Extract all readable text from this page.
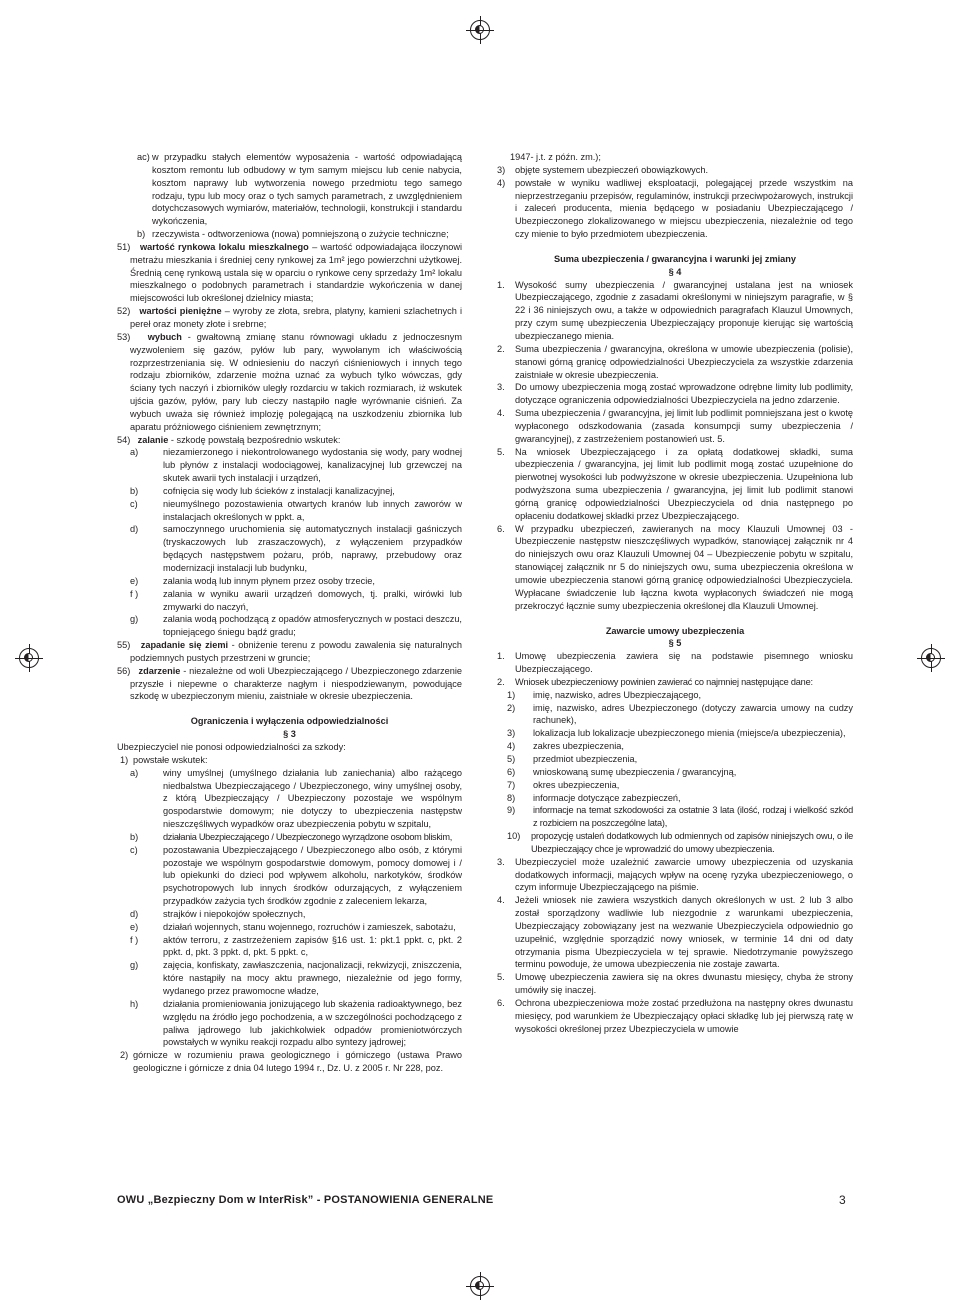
ac) w przypadku stałych elementów wyposażenia - wartość odpowiadającą kosztom remontu lub odbudowy w tym samym miejscu lub cenie nabycia, kosztom naprawy lub wytworzenia nowego przedmiotu tego samego rodzaju, typu lub mocy oraz o tych samych parametrach, z uwzględnieniem dotychczasowych wymiarów, materiałów, technologii, konstrukcji i standardu wykończenia,

b) rzeczywista - odtworzeniowa (nowa) pomniejszoną o zużycie techniczne;

51) wartość rynkowa lokalu mieszkalnego – wartość odpowiadająca iloczynowi metrażu mieszkania i średniej ceny rynkowej za 1m² jego powierzchni użytkowej. Średnią cenę rynkową ustala się w oparciu o rynkowe ceny sprzedaży 1m² lokalu mieszkalnego o podobnych parametrach i standardzie wykończenia w danej miejscowości lub określonej dzielnicy miasta;

52) wartości pieniężne – wyroby ze złota, srebra, platyny, kamieni szlachetnych i pereł oraz monety złote i srebrne;

53) wybuch - gwałtowną zmianę stanu równowagi układu z jednoczesnym wyzwoleniem się gazów, pyłów lub pary, wywołanym ich właściwością rozprzestrzeniania się. W odniesieniu do naczyń ciśnieniowych i innych tego rodzaju zbiorników, zdarzenie można uznać za wybuch tylko wówczas, gdy ściany tych naczyń i zbiorników uległy rozdarciu w takich rozmiarach, iż wskutek ujścia gazów, pyłów, pary lub cieczy nastąpiło nagłe wyrównanie ciśnień. Za wybuch uważa się również implozję polegającą na uszkodzeniu zbiornika lub aparatu próżniowego ciśnieniem zewnętrznym;

54) zalanie - szkodę powstałą bezpośrednio wskutek:

a)	niezamierzonego i niekontrolowanego wydostania się wody, pary wodnej lub płynów z instalacji wodociągowej, kanalizacyjnej lub grzewczej na skutek awarii tych instalacji i urządzeń,

b)	cofnięcia się wody lub ścieków z instalacji kanalizacyjnej,

c)	nieumyślnego pozostawienia otwartych kranów lub innych zaworów w instalacjach określonych w ppkt. a,

d)	samoczynnego uruchomienia się automatycznych instalacji gaśniczych (tryskaczowych lub zraszaczowych), z wyłączeniem przypadków będących następstwem pożaru, prób, naprawy, przebudowy oraz modernizacji instalacji lub budynku,

e)	zalania wodą lub innym płynem przez osoby trzecie,

f )	zalania w wyniku awarii urządzeń domowych, tj. pralki, wirówki lub zmywarki do naczyń,

g)	zalania wodą pochodzącą z opadów atmosferycznych w postaci deszczu, topniejącego śniegu bądź gradu;

55) zapadanie się ziemi - obniżenie terenu z powodu zawalenia się naturalnych podziemnych pustych przestrzeni w gruncie;

56) zdarzenie - niezależne od woli Ubezpieczającego / Ubezpieczonego zdarzenie przyszłe i niepewne o charakterze nagłym i niespodziewanym, powodujące szkodę w ubezpieczonym mieniu, zaistniałe w okresie ubezpieczenia.

Ograniczenia i wyłączenia odpowiedzialności

§ 3

Ubezpieczyciel nie ponosi odpowiedzialności za szkody:

1) powstałe wskutek:

a)	winy umyślnej (umyślnego działania lub zaniechania) albo rażącego niedbalstwa Ubezpieczającego / Ubezpieczonego, winy umyślnej osoby, z którą Ubezpieczający / Ubezpieczony pozostaje we wspólnym gospodarstwie domowym; nie dotyczy to ubezpieczenia następstw nieszczęśliwych wypadków oraz ubezpieczenia pobytu w szpitalu,

b)	działania Ubezpieczającego / Ubezpieczonego wyrządzone osobom bliskim,

c)	pozostawania Ubezpieczającego / Ubezpieczonego albo osób, z którymi pozostaje we wspólnym gospodarstwie domowym, pomocy domowej i / lub opiekunki do dzieci pod wpływem alkoholu, narkotyków, środków psychotropowych lub innych środków odurzających, z wyłączeniem przypadków zażycia tych środków zgodnie z zaleceniem lekarza,

d)	strajków i niepokojów społecznych,

e)	działań wojennych, stanu wojennego, rozruchów i zamieszek, sabotażu,

f )	aktów terroru, z zastrzeżeniem zapisów §16 ust. 1: pkt.1 ppkt. c, pkt. 2 ppkt. d, pkt. 3 ppkt. d, pkt. 5 ppkt. c,

g)	zajęcia, konfiskaty, zawłaszczenia, nacjonalizacji, rekwizycji, zniszczenia, które nastąpiły na mocy aktu prawnego, niezależnie od jego formy, wydanego przez prawomocne władze,

h)	działania promieniowania jonizującego lub skażenia radioaktywnego, bez względu na źródło jego pochodzenia, a w szczególności pochodzącego z paliwa jądrowego lub jakichkolwiek odpadów promieniotwórczych powstałych w wyniku reakcji rozpadu albo syntezy jądrowej;

2) górnicze w rozumieniu prawa geologicznego i górniczego (ustawa Prawo geologiczne i górnicze z dnia 04 lutego 1994 r., Dz. U. z 2005 r. Nr 228, poz.

1947- j.t. z późn. zm.);

3) objęte systemem ubezpieczeń obowiązkowych.

4) powstałe w wyniku wadliwej eksploatacji, polegającej przede wszystkim na nieprzestrzeganiu przepisów, regulaminów, instrukcji przeciwpożarowych, instrukcji i zaleceń producenta, mienia będącego w posiadaniu Ubezpieczającego / Ubezpieczonego zlokalizowanego w miejscu ubezpieczenia, niezależnie od tego czy mienie to było przedmiotem ubezpieczenia.

Suma ubezpieczenia / gwarancyjna i warunki jej zmiany

§ 4

1. Wysokość sumy ubezpieczenia / gwarancyjnej ustalana jest na wniosek Ubezpieczającego, zgodnie z zasadami określonymi w niniejszym paragrafie, w § 22 i 36 niniejszych owu, a także w odpowiednich paragrafach Klauzul Umownych, przy czym sumę ubezpieczenia Ubezpieczający proponuje kierując się wartością ubezpieczanego mienia.

2. Suma ubezpieczenia / gwarancyjna, określona w umowie ubezpieczenia (polisie), stanowi górną granicę odpowiedzialności Ubezpieczyciela za wszystkie zdarzenia zaistniałe w okresie ubezpieczenia.

3. Do umowy ubezpieczenia mogą zostać wprowadzone odrębne limity lub podlimity, dotyczące ograniczenia odpowiedzialności Ubezpieczyciela na jedno zdarzenie.

4. Suma ubezpieczenia / gwarancyjna, jej limit lub podlimit pomniejszana jest o kwotę wypłaconego odszkodowania (zasada konsumpcji sumy ubezpieczenia / gwarancyjnej), z zastrzeżeniem postanowień ust. 5.

5. Na wniosek Ubezpieczającego i za opłatą dodatkowej składki, suma ubezpieczenia / gwarancyjna, jej limit lub podlimit mogą zostać uzupełnione do pierwotnej wysokości lub podwyższone w okresie ubezpieczenia. Uzupełniona lub podwyższona suma ubezpieczenia / gwarancyjna, jej limit lub podlimit stanowi górną granicę odpowiedzialności Ubezpieczyciela od dnia następnego po opłaceniu dodatkowej składki przez Ubezpieczającego.

6. W przypadku ubezpieczeń, zawieranych na mocy Klauzuli Umownej 03 - Ubezpieczenie następstw nieszczęśliwych wypadków, stanowiącej załącznik nr 4 do niniejszych owu oraz Klauzuli Umownej 04 – Ubezpieczenie pobytu w szpitalu, stanowiącej załącznik nr 5 do niniejszych owu, suma ubezpieczenia określona w umowie ubezpieczenia stanowi górną granicę odpowiedzialności Ubezpieczyciela. Wypłacane świadczenie lub łączna kwota wypłaconych świadczeń nie mogą przekroczyć łącznie sumy ubezpieczenia określonej dla Klauzuli Umownej.

Zawarcie umowy ubezpieczenia

§ 5

1. Umowę ubezpieczenia zawiera się na podstawie pisemnego wniosku Ubezpieczającego.

2. Wniosek ubezpieczeniowy powinien zawierać co najmniej następujące dane:

1) imię, nazwisko, adres Ubezpieczającego,

2) imię, nazwisko, adres Ubezpieczonego (dotyczy zawarcia umowy na cudzy rachunek),

3) lokalizacja lub lokalizacje ubezpieczonego mienia (miejsce/a ubezpieczenia),

4) zakres ubezpieczenia,

5) przedmiot ubezpieczenia,

6) wnioskowaną sumę ubezpieczenia / gwarancyjną,

7) okres ubezpieczenia,

8) informacje dotyczące zabezpieczeń,

9) informacje na temat szkodowości za ostatnie 3 lata (ilość, rodzaj i wielkość szkód z rozbiciem na poszczególne lata),

10) propozycję ustaleń dodatkowych lub odmiennych od zapisów niniejszych owu, o ile Ubezpieczający chce je wprowadzić do umowy ubezpieczenia.

3. Ubezpieczyciel może uzależnić zawarcie umowy ubezpieczenia od uzyskania dodatkowych informacji, mających wpływ na ocenę ryzyka ubezpieczeniowego, o czym informuje Ubezpieczającego na piśmie.

4. Jeżeli wniosek nie zawiera wszystkich danych określonych w ust. 2 lub 3 albo został sporządzony wadliwie lub niezgodnie z warunkami ubezpieczenia, Ubezpieczający zobowiązany jest na wezwanie Ubezpieczyciela odpowiednio go uzupełnić, względnie sporządzić nowy wniosek, w terminie 14 dni od daty otrzymania pisma Ubezpieczyciela w tej sprawie. Niedotrzymanie powyższego terminu powoduje, że umowa ubezpieczenia nie zostaje zawarta.

5. Umowę ubezpieczenia zawiera się na okres dwunastu miesięcy, chyba że strony umówiły się inaczej.

6. Ochrona ubezpieczeniowa może zostać przedłużona na następny okres dwunastu miesięcy, pod warunkiem że Ubezpieczający opłaci składkę lub jej pierwszą ratę w wysokości określonej przez Ubezpieczyciela w umowie

OWU „Bezpieczny Dom w InterRisk” - POSTANOWIENIA GENERALNE	3
